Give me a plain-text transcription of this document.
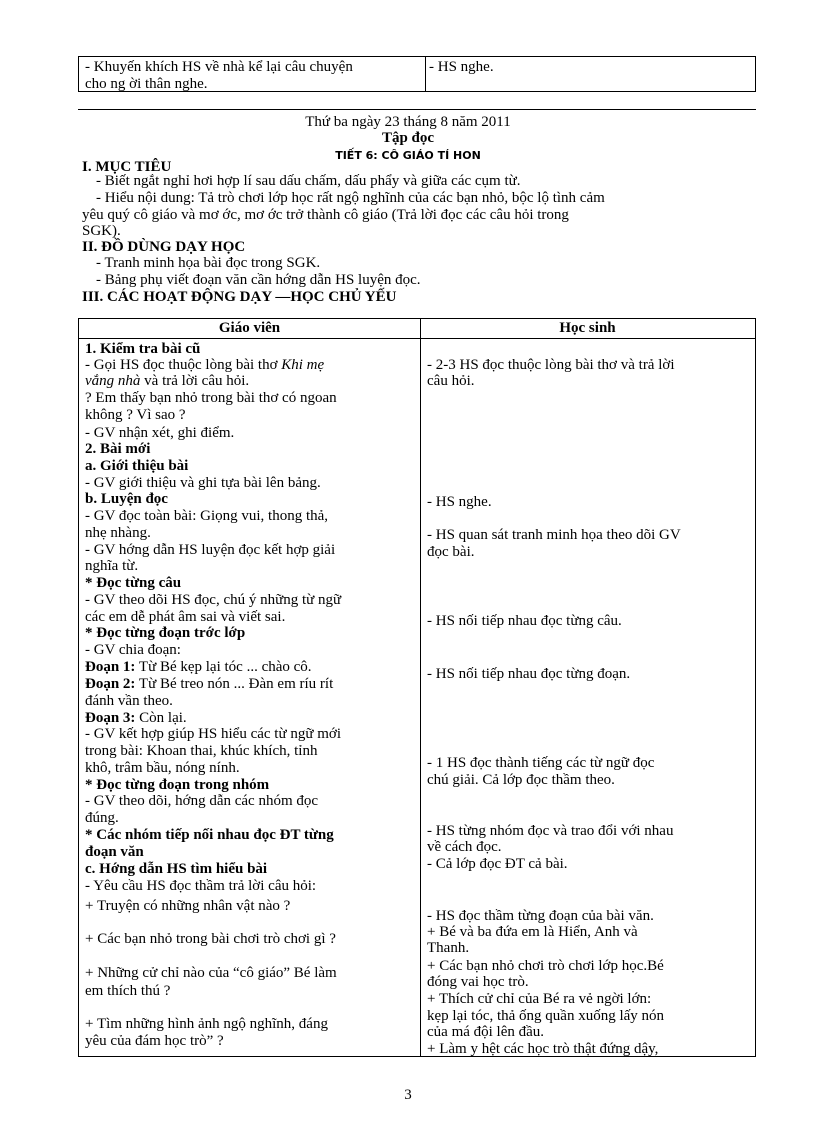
- Khuyến khích HS về nhà kể lại câu chuyện
cho ng ời thân nghe.
- HS nghe.
Thứ ba ngày 23 tháng 8 năm 2011
Tập đọc
TIẾT 6: CÔ GIÁO TÍ HON
I. MỤC TIÊU
- Biết ngắt nghỉ hơi hợp lí sau dấu chấm, dấu phẩy và giữa các cụm từ.
- Hiểu nội dung: Tả trò chơi lớp học rất ngộ nghĩnh của các bạn nhỏ, bộc lộ tình cảm
yêu quý cô giáo và mơ ớc, mơ ớc trở thành cô giáo (Trả lời đọc các câu hỏi trong
SGK).
II. ĐỒ DÙNG DẠY HỌC
- Tranh minh họa bài đọc trong SGK.
- Bảng phụ viết đoạn văn cần hớng dẫn HS luyện đọc.
III. CÁC HOẠT ĐỘNG DẠY —HỌC CHỦ YẾU
Giáo viên	Học sinh
1. Kiểm tra bài cũ
- Gọi HS đọc thuộc lòng bài thơ Khi mẹ
vắng nhà và trả lời câu hỏi.
? Em thấy bạn nhỏ trong bài thơ có ngoan
không ? Vì sao ?
- GV nhận xét, ghi điểm.
2. Bài mới
a. Giới thiệu bài
- GV giới thiệu và ghi tựa bài lên bảng.
b. Luyện đọc
- GV đọc toàn bài: Giọng vui, thong thả,
nhẹ nhàng.
- GV hớng dẫn HS luyện đọc kết hợp giải
nghĩa từ.
* Đọc từng câu
- GV theo dõi HS đọc, chú ý những từ ngữ
các em dễ phát âm sai và viết sai.
* Đọc từng đoạn trớc lớp
- GV chia đoạn:
Đoạn 1: Từ Bé kẹp lại tóc ... chào cô.
Đoạn 2: Từ Bé treo nón ... Đàn em ríu rít
đánh vần theo.
Đoạn 3: Còn lại.
- GV kết hợp giúp HS hiểu các từ ngữ mới
trong bài: Khoan thai, khúc khích, tỉnh
khô, trâm bầu, nóng nính.
* Đọc từng đoạn trong nhóm
- GV theo dõi, hớng dẫn các nhóm đọc
đúng.
* Các nhóm tiếp nối nhau đọc ĐT từng
đoạn văn
c. Hớng dẫn HS tìm hiểu bài
- Yêu cầu HS đọc thầm trả lời câu hỏi:
+ Truyện có những nhân vật nào ?
+ Các bạn nhỏ trong bài chơi trò chơi gì ?
+ Những cử chỉ nào của “cô giáo” Bé làm
em thích thú ?
+ Tìm những hình ảnh ngộ nghĩnh, đáng
yêu của đám học trò” ?
- 2-3 HS đọc thuộc lòng bài thơ và trả lời
câu hỏi.
- HS nghe.
- HS quan sát tranh minh họa theo dõi GV
đọc bài.
- HS nối tiếp nhau đọc từng câu.
- HS nối tiếp nhau đọc từng đoạn.
- 1 HS đọc thành tiếng các từ ngữ đọc
chú giải. Cả lớp đọc thầm theo.
- HS từng nhóm đọc và trao đổi với nhau
về cách đọc.
- Cả lớp đọc ĐT cả bài.
- HS đọc thầm từng đoạn của bài văn.
+ Bé và ba đứa em là Hiển, Anh và
Thanh.
+ Các bạn nhỏ chơi trò chơi lớp học.Bé
đóng vai học trò.
+ Thích cử chỉ của Bé ra vẻ ngời lớn:
kẹp lại tóc, thả ống quần xuống lấy nón
của má đội lên đầu.
+ Làm y hệt các học trò thật đứng dậy,
3
